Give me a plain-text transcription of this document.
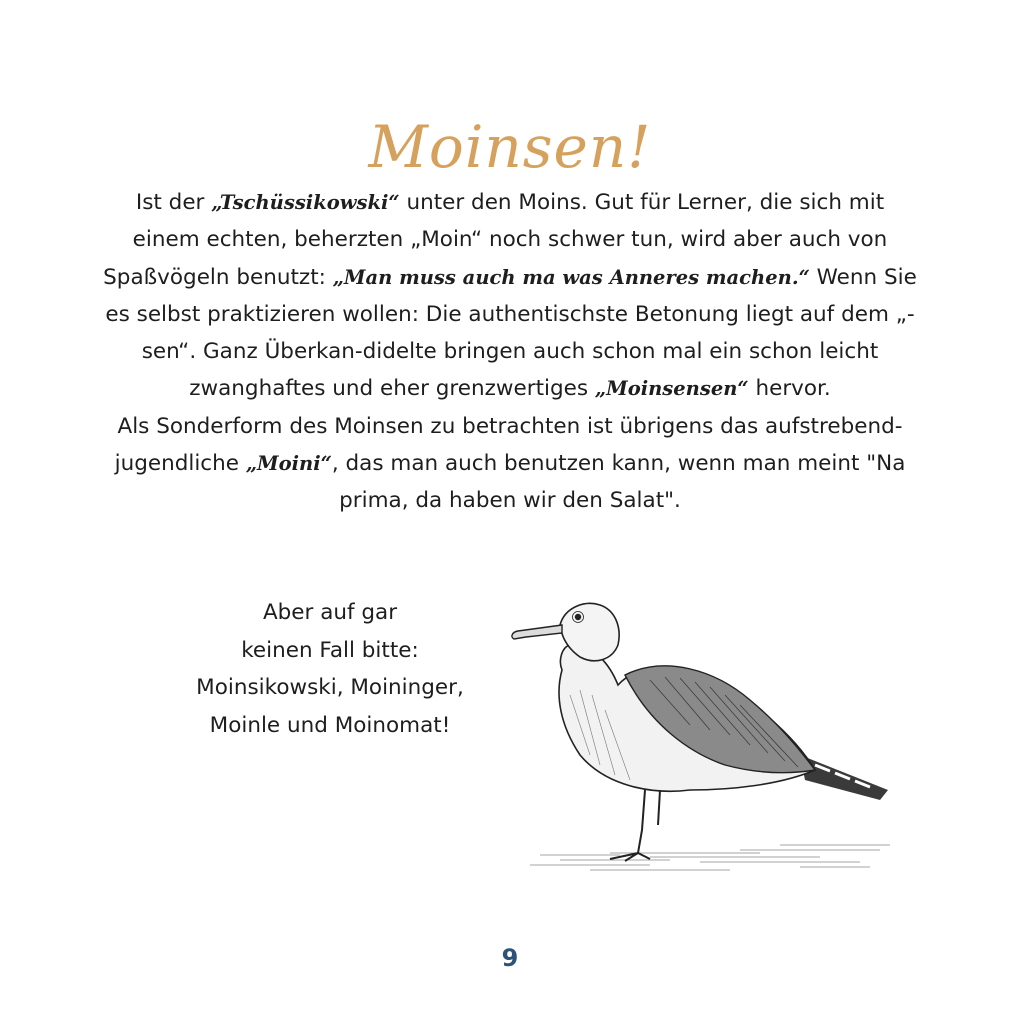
Moinsen!
Ist der „Tschüssikowski“ unter den Moins. Gut für Lerner, die sich mit einem echten, beherzten „Moin“ noch schwer tun, wird aber auch von Spaßvögeln benutzt: „Man muss auch ma was Anneres machen.“ Wenn Sie es selbst praktizieren wollen: Die authentischste Betonung liegt auf dem „-sen“. Ganz Überkan-didelte bringen auch schon mal ein schon leicht zwanghaftes und eher grenzwertiges „Moinsensen“ hervor.
Als Sonderform des Moinsen zu betrachten ist übrigens das aufstrebend-jugendliche „Moini“, das man auch benutzen kann, wenn man meint "Na prima, da haben wir den Salat".
Aber auf gar
keinen Fall bitte:
Moinsikowski, Moininger,
Moinle und Moinomat!
9
